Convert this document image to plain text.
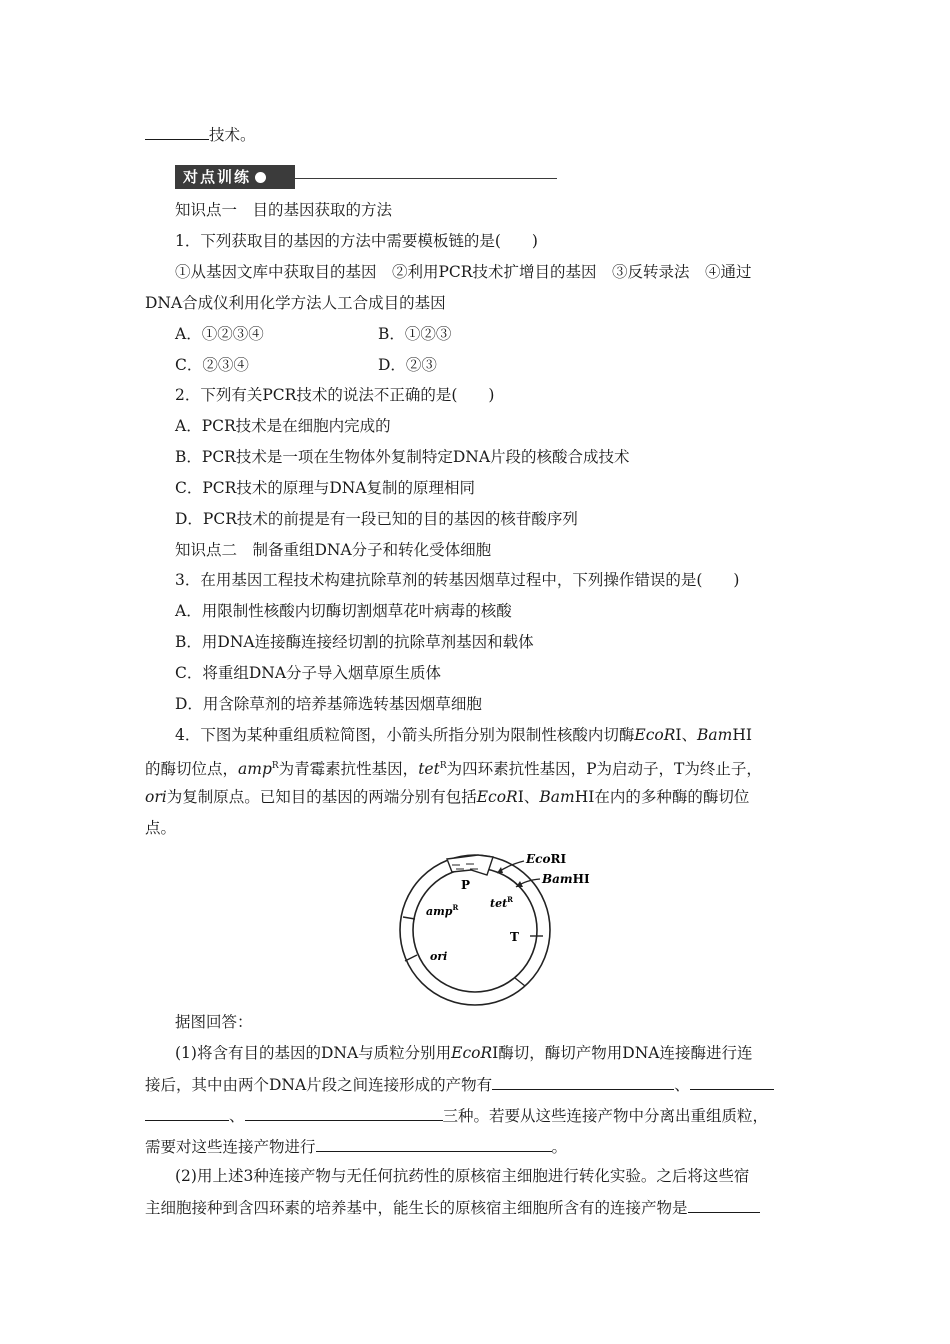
技术。
对点训练
知识点一　目的基因获取的方法
1．下列获取目的基因的方法中需要模板链的是(　　)
①从基因文库中获取目的基因　②利用PCR技术扩增目的基因　③反转录法　④通过
DNA合成仪利用化学方法人工合成目的基因
A．①②③④	B．①②③
C．②③④	D．②③
2．下列有关PCR技术的说法不正确的是(　　)
A．PCR技术是在细胞内完成的
B．PCR技术是一项在生物体外复制特定DNA片段的核酸合成技术
C．PCR技术的原理与DNA复制的原理相同
D．PCR技术的前提是有一段已知的目的基因的核苷酸序列
知识点二　制备重组DNA分子和转化受体细胞
3．在用基因工程技术构建抗除草剂的转基因烟草过程中，下列操作错误的是(　　)
A．用限制性核酸内切酶切割烟草花叶病毒的核酸
B．用DNA连接酶连接经切割的抗除草剂基因和载体
C．将重组DNA分子导入烟草原生质体
D．用含除草剂的培养基筛选转基因烟草细胞
4．下图为某种重组质粒简图，小箭头所指分别为限制性核酸内切酶EcoRⅠ、BamHⅠ
的酶切位点，amp$^R$为青霉素抗性基因，tet$^R$为四环素抗性基因，P为启动子，T为终止子，
ori为复制原点。已知目的基因的两端分别有包括EcoRⅠ、BamHⅠ在内的多种酶的酶切位
点。
EcoRⅠ
BamHⅠ
P
tet$^R$
amp$^R$
T
ori
据图回答：
(1)将含有目的基因的DNA与质粒分别用EcoRⅠ酶切，酶切产物用DNA连接酶进行连
接后，其中由两个DNA片段之间连接形成的产物有	、
、	三种。若要从这些连接产物中分离出重组质粒，
需要对这些连接产物进行	。
(2)用上述3种连接产物与无任何抗药性的原核宿主细胞进行转化实验。之后将这些宿
主细胞接种到含四环素的培养基中，能生长的原核宿主细胞所含有的连接产物是
